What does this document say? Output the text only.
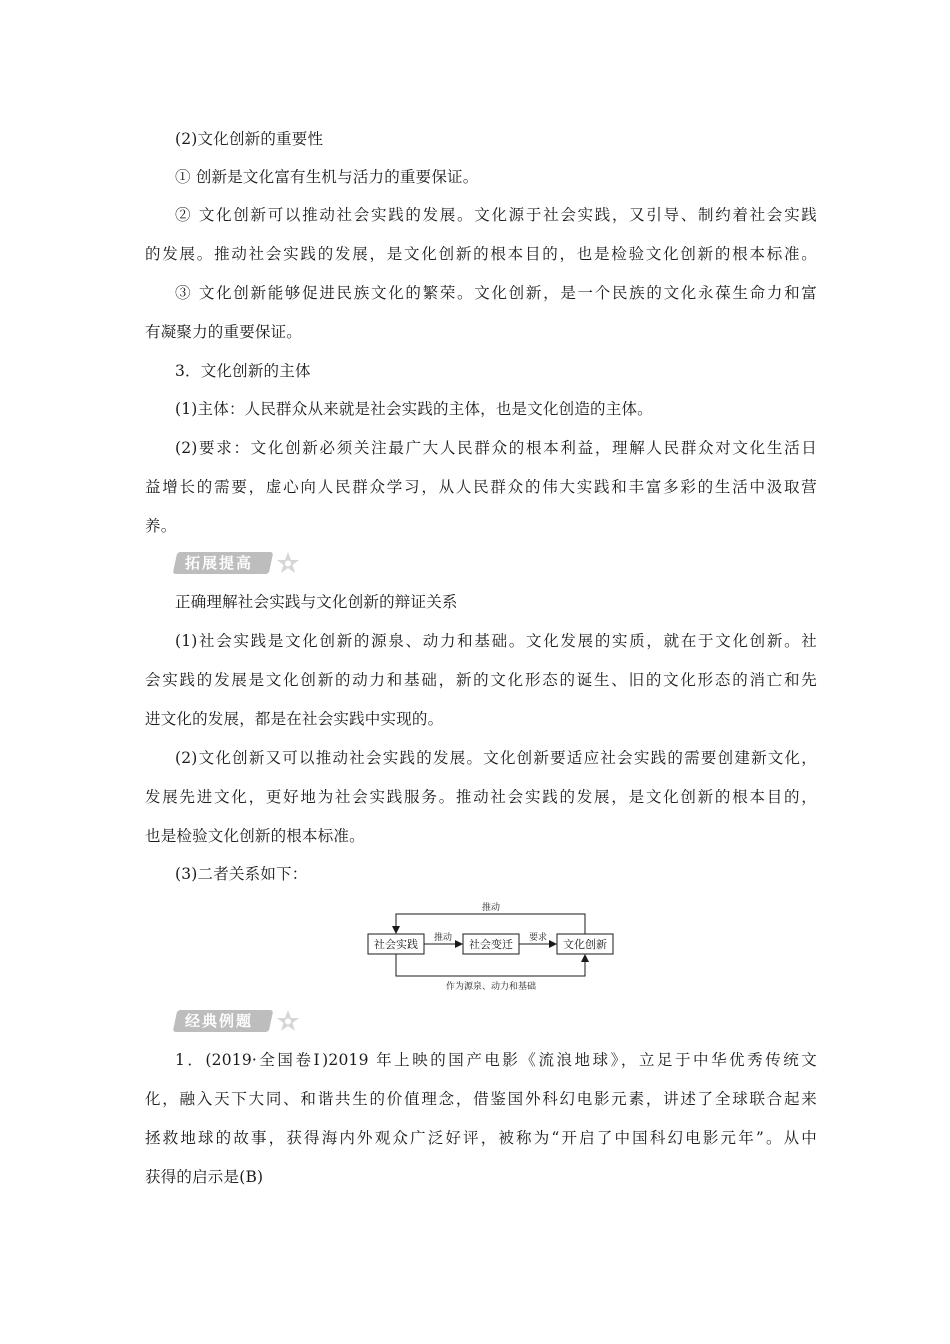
(2)文化创新的重要性
① 创新是文化富有生机与活力的重要保证。
② 文化创新可以推动社会实践的发展。文化源于社会实践，又引导、制约着社会实践
的发展。推动社会实践的发展，是文化创新的根本目的，也是检验文化创新的根本标准。
③ 文化创新能够促进民族文化的繁荣。文化创新，是一个民族的文化永葆生命力和富
有凝聚力的重要保证。
3．文化创新的主体
(1)主体：人民群众从来就是社会实践的主体，也是文化创造的主体。
(2)要求：文化创新必须关注最广大人民群众的根本利益，理解人民群众对文化生活日
益增长的需要，虚心向人民群众学习，从人民群众的伟大实践和丰富多彩的生活中汲取营
养。
拓展提高
正确理解社会实践与文化创新的辩证关系
(1)社会实践是文化创新的源泉、动力和基础。文化发展的实质，就在于文化创新。社
会实践的发展是文化创新的动力和基础，新的文化形态的诞生、旧的文化形态的消亡和先
进文化的发展，都是在社会实践中实现的。
(2)文化创新又可以推动社会实践的发展。文化创新要适应社会实践的需要创建新文化，
发展先进文化，更好地为社会实践服务。推动社会实践的发展，是文化创新的根本目的，
也是检验文化创新的根本标准。
(3)二者关系如下：
社会实践	社会变迁	文化创新
推动
推动	要求
作为源泉、动力和基础
经典例题
1．(2019·全国卷Ⅰ)2019 年上映的国产电影《流浪地球》，立足于中华优秀传统文
化，融入天下大同、和谐共生的价值理念，借鉴国外科幻电影元素，讲述了全球联合起来
拯救地球的故事，获得海内外观众广泛好评，被称为“开启了中国科幻电影元年”。从中
获得的启示是(B)
